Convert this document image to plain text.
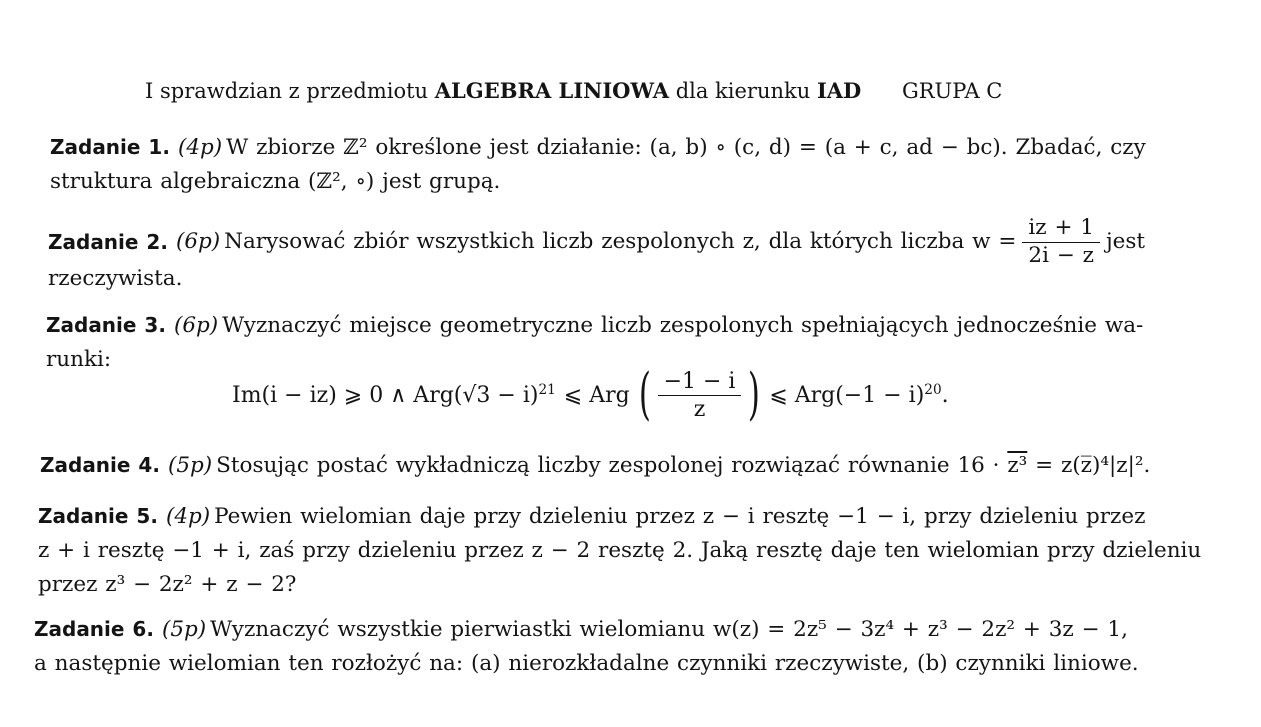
I sprawdzian z przedmiotu ALGEBRA LINIOWA dla kierunku IAD GRUPA C
Zadanie 1. (4p) W zbiorze ℤ² określone jest działanie: (a, b) ∘ (c, d) = (a + c, ad − bc). Zbadać, czy
struktura algebraiczna (ℤ², ∘) jest grupą.
Zadanie 2. (6p) Narysować zbiór wszystkich liczb zespolonych z, dla których liczba $w = \frac{iz + 1}{2i - z}$ jest
rzeczywista.
Zadanie 3. (6p) Wyznaczyć miejsce geometryczne liczb zespolonych spełniających jednocześnie wa-
runki:
Im(i − iz) ⩾ 0 ∧ $Arg(√3 - i)^{21}$ ⩽ Arg ( $\frac{-1 - i}{z}$ ) ⩽ $Arg(-1 - i)^{20}$.
Zadanie 4. (5p) Stosując postać wykładniczą liczby zespolonej rozwiązać równanie 16 · z³ = z(z̅)⁴|z|².
Zadanie 5. (4p) Pewien wielomian daje przy dzieleniu przez z − i resztę −1 − i, przy dzieleniu przez
z + i resztę −1 + i, zaś przy dzieleniu przez z − 2 resztę 2. Jaką resztę daje ten wielomian przy dzieleniu
przez z³ − 2z² + z − 2?
Zadanie 6. (5p) Wyznaczyć wszystkie pierwiastki wielomianu w(z) = 2z⁵ − 3z⁴ + z³ − 2z² + 3z − 1,
a następnie wielomian ten rozłożyć na: (a) nierozkładalne czynniki rzeczywiste, (b) czynniki liniowe.
